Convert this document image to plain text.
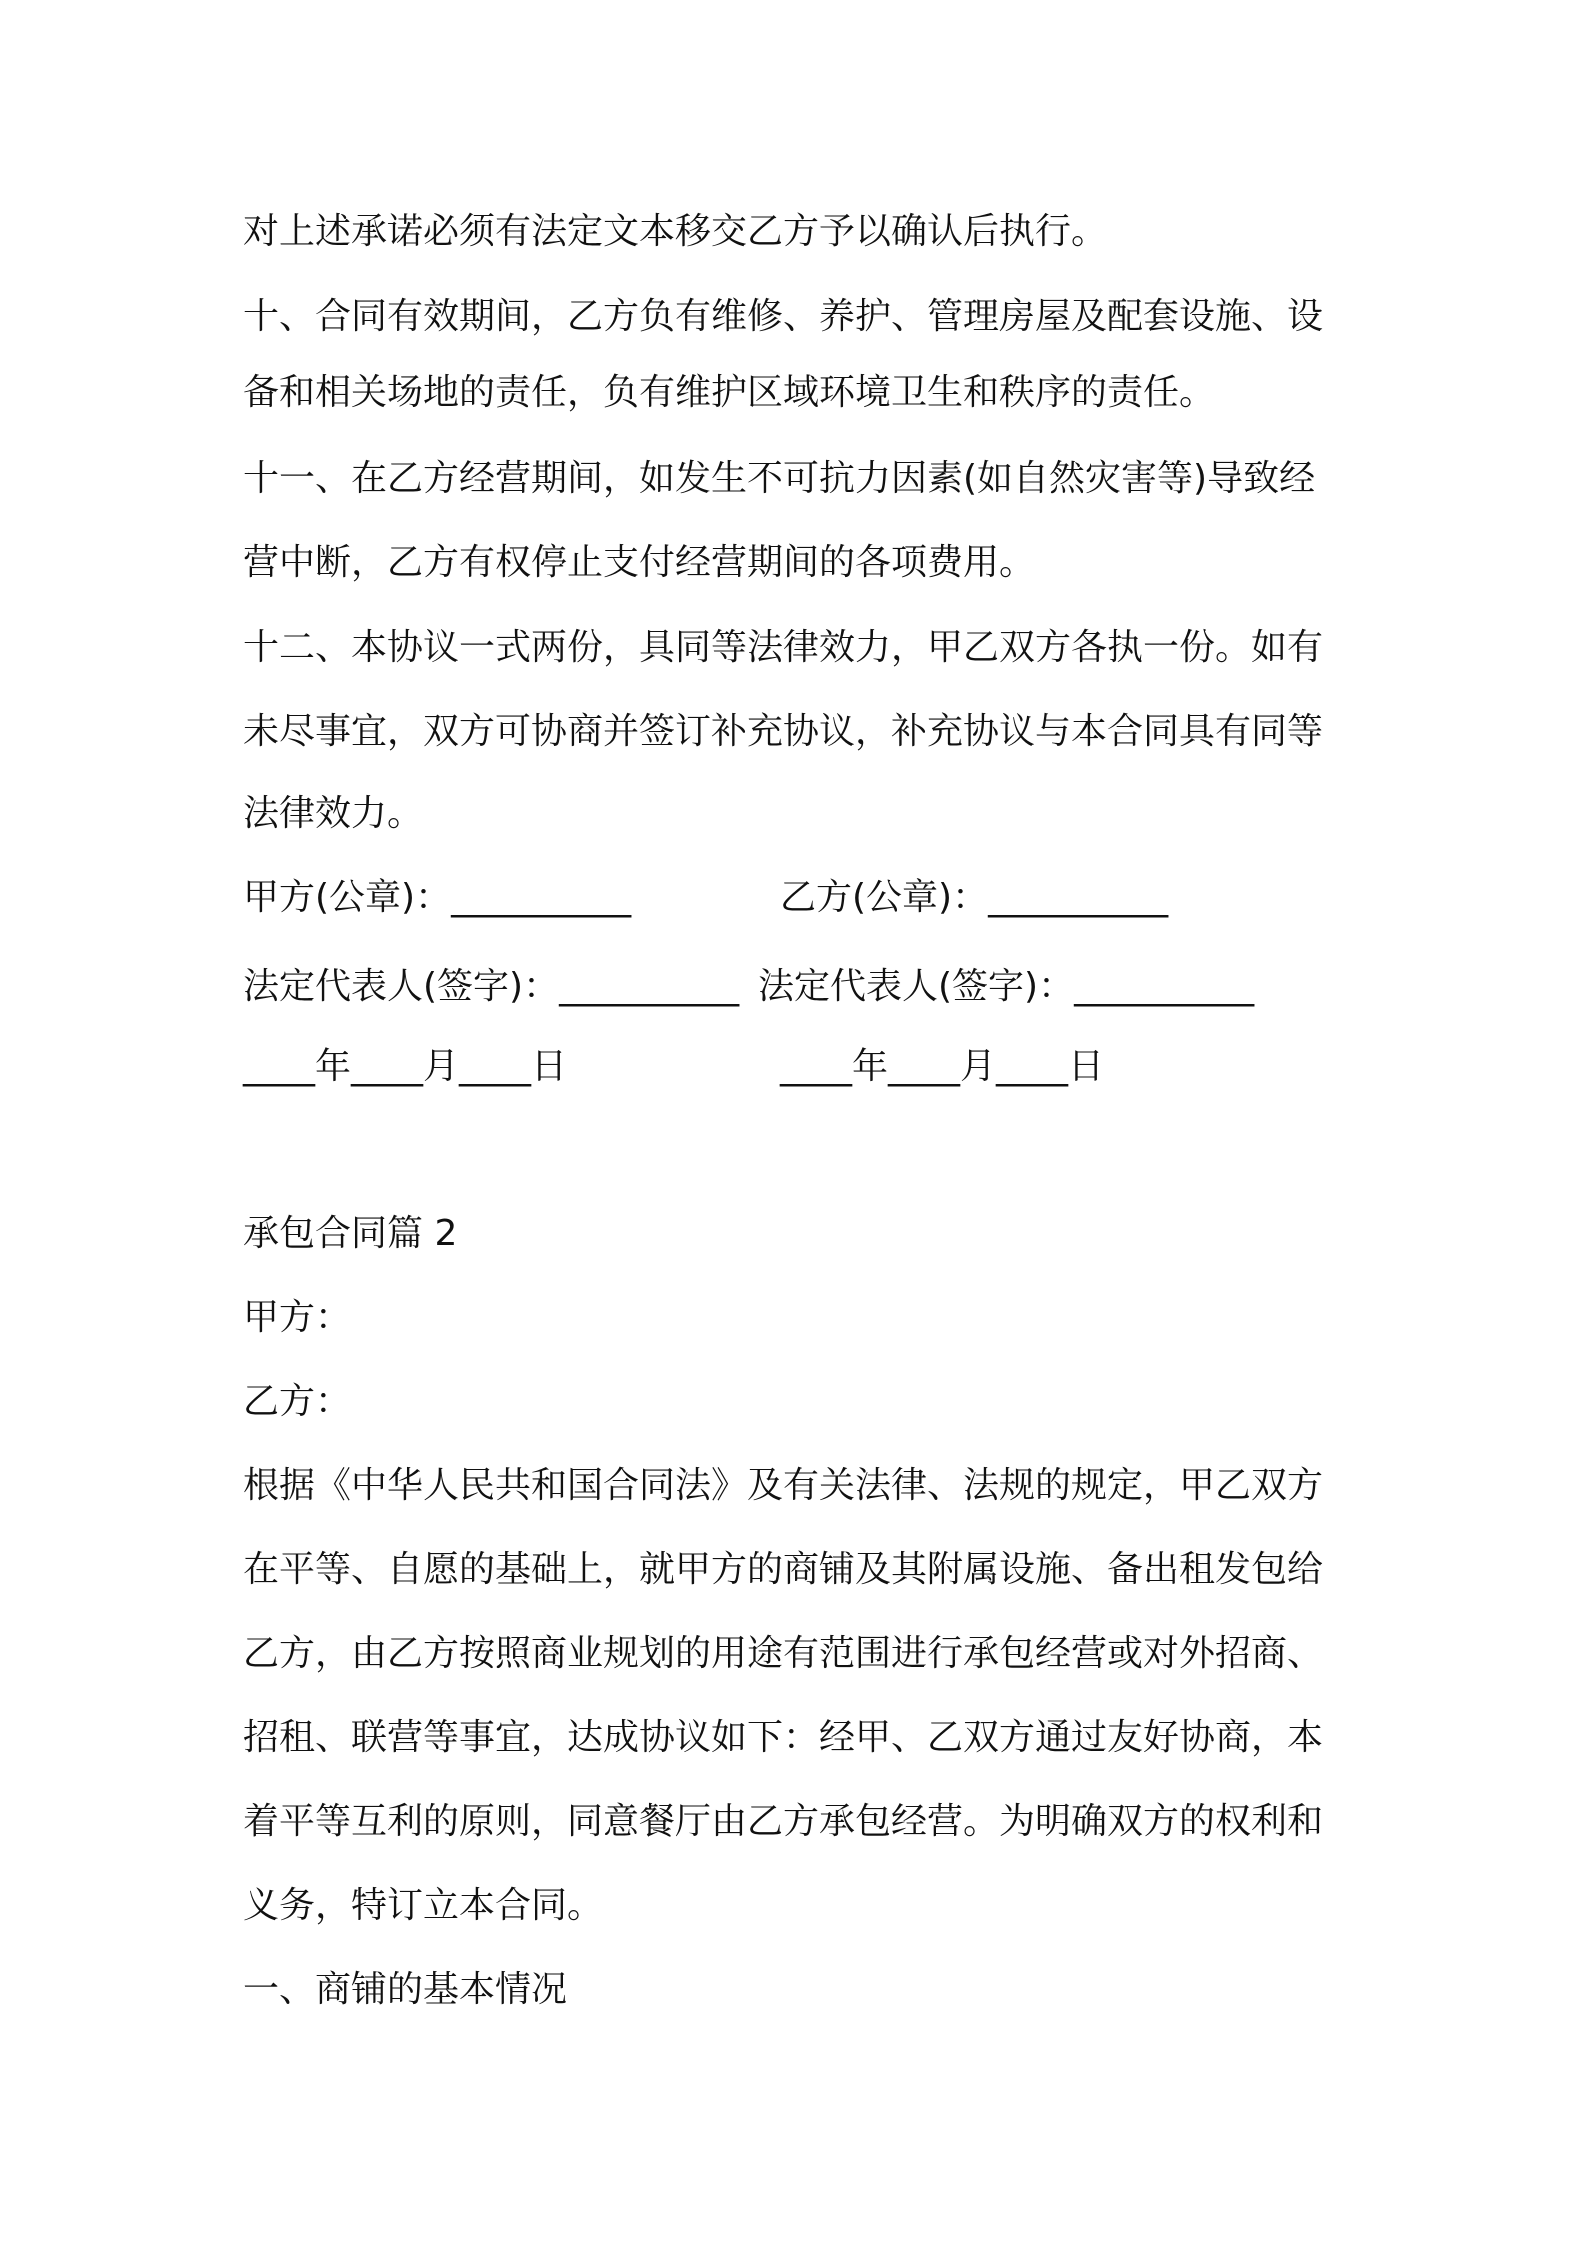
对上述承诺必须有法定文本移交乙方予以确认后执行。
十、合同有效期间，乙方负有维修、养护、管理房屋及配套设施、设
备和相关场地的责任，负有维护区域环境卫生和秩序的责任。
十一、在乙方经营期间，如发生不可抗力因素(如自然灾害等)导致经
营中断，乙方有权停止支付经营期间的各项费用。
十二、本协议一式两份，具同等法律效力，甲乙双方各执一份。如有
未尽事宜，双方可协商并签订补充协议，补充协议与本合同具有同等
法律效力。
甲方(公章)：__________	乙方(公章)：__________
法定代表人(签字)：__________ 法定代表人(签字)：__________
____年____月____日	____年____月____日
承包合同篇 2
甲方：
乙方：
根据《中华人民共和国合同法》及有关法律、法规的规定，甲乙双方
在平等、自愿的基础上，就甲方的商铺及其附属设施、备出租发包给
乙方，由乙方按照商业规划的用途有范围进行承包经营或对外招商、
招租、联营等事宜，达成协议如下：经甲、乙双方通过友好协商，本
着平等互利的原则，同意餐厅由乙方承包经营。为明确双方的权利和
义务，特订立本合同。
一、商铺的基本情况
